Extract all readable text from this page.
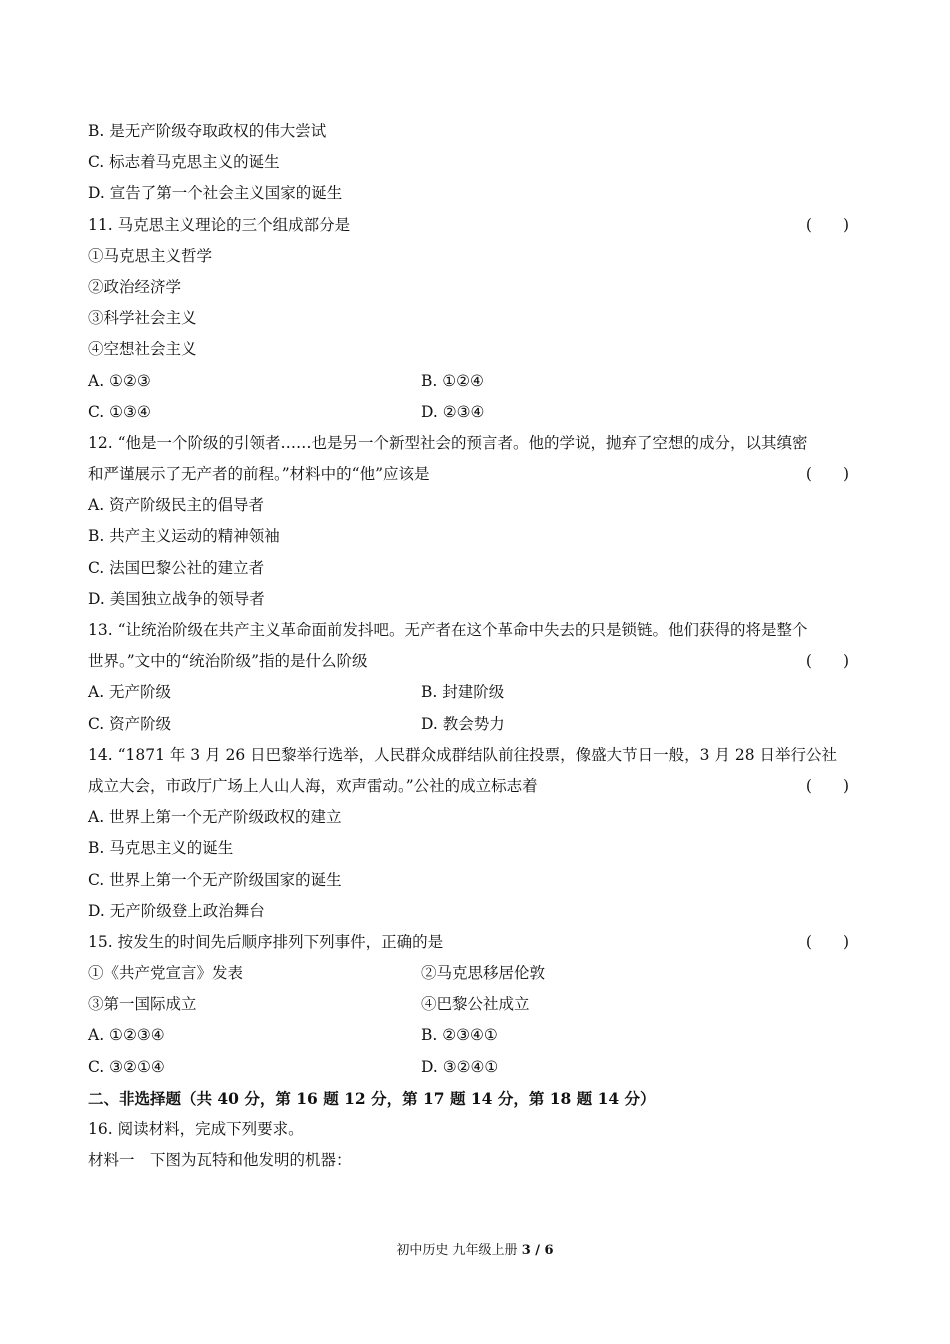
B. 是无产阶级夺取政权的伟大尝试
C. 标志着马克思主义的诞生
D. 宣告了第一个社会主义国家的诞生
11. 马克思主义理论的三个组成部分是	(　　)
①马克思主义哲学
②政治经济学
③科学社会主义
④空想社会主义
A. ①②③	B. ①②④
C. ①③④	D. ②③④
12. “他是一个阶级的引领者……也是另一个新型社会的预言者。他的学说，抛弃了空想的成分，以其缜密
和严谨展示了无产者的前程。”材料中的“他”应该是	(　　)
A. 资产阶级民主的倡导者
B. 共产主义运动的精神领袖
C. 法国巴黎公社的建立者
D. 美国独立战争的领导者
13. “让统治阶级在共产主义革命面前发抖吧。无产者在这个革命中失去的只是锁链。他们获得的将是整个
世界。”文中的“统治阶级”指的是什么阶级	(　　)
A. 无产阶级	B. 封建阶级
C. 资产阶级	D. 教会势力
14. “1871 年 3 月 26 日巴黎举行选举，人民群众成群结队前往投票，像盛大节日一般，3 月 28 日举行公社
成立大会，市政厅广场上人山人海，欢声雷动。”公社的成立标志着	(　　)
A. 世界上第一个无产阶级政权的建立
B. 马克思主义的诞生
C. 世界上第一个无产阶级国家的诞生
D. 无产阶级登上政治舞台
15. 按发生的时间先后顺序排列下列事件，正确的是	(　　)
①《共产党宣言》发表	②马克思移居伦敦
③第一国际成立	④巴黎公社成立
A. ①②③④	B. ②③④①
C. ③②①④	D. ③②④①
二、非选择题（共 40 分，第 16 题 12 分，第 17 题 14 分，第 18 题 14 分）
16. 阅读材料，完成下列要求。
材料一　下图为瓦特和他发明的机器：
初中历史 九年级上册 3 / 6
